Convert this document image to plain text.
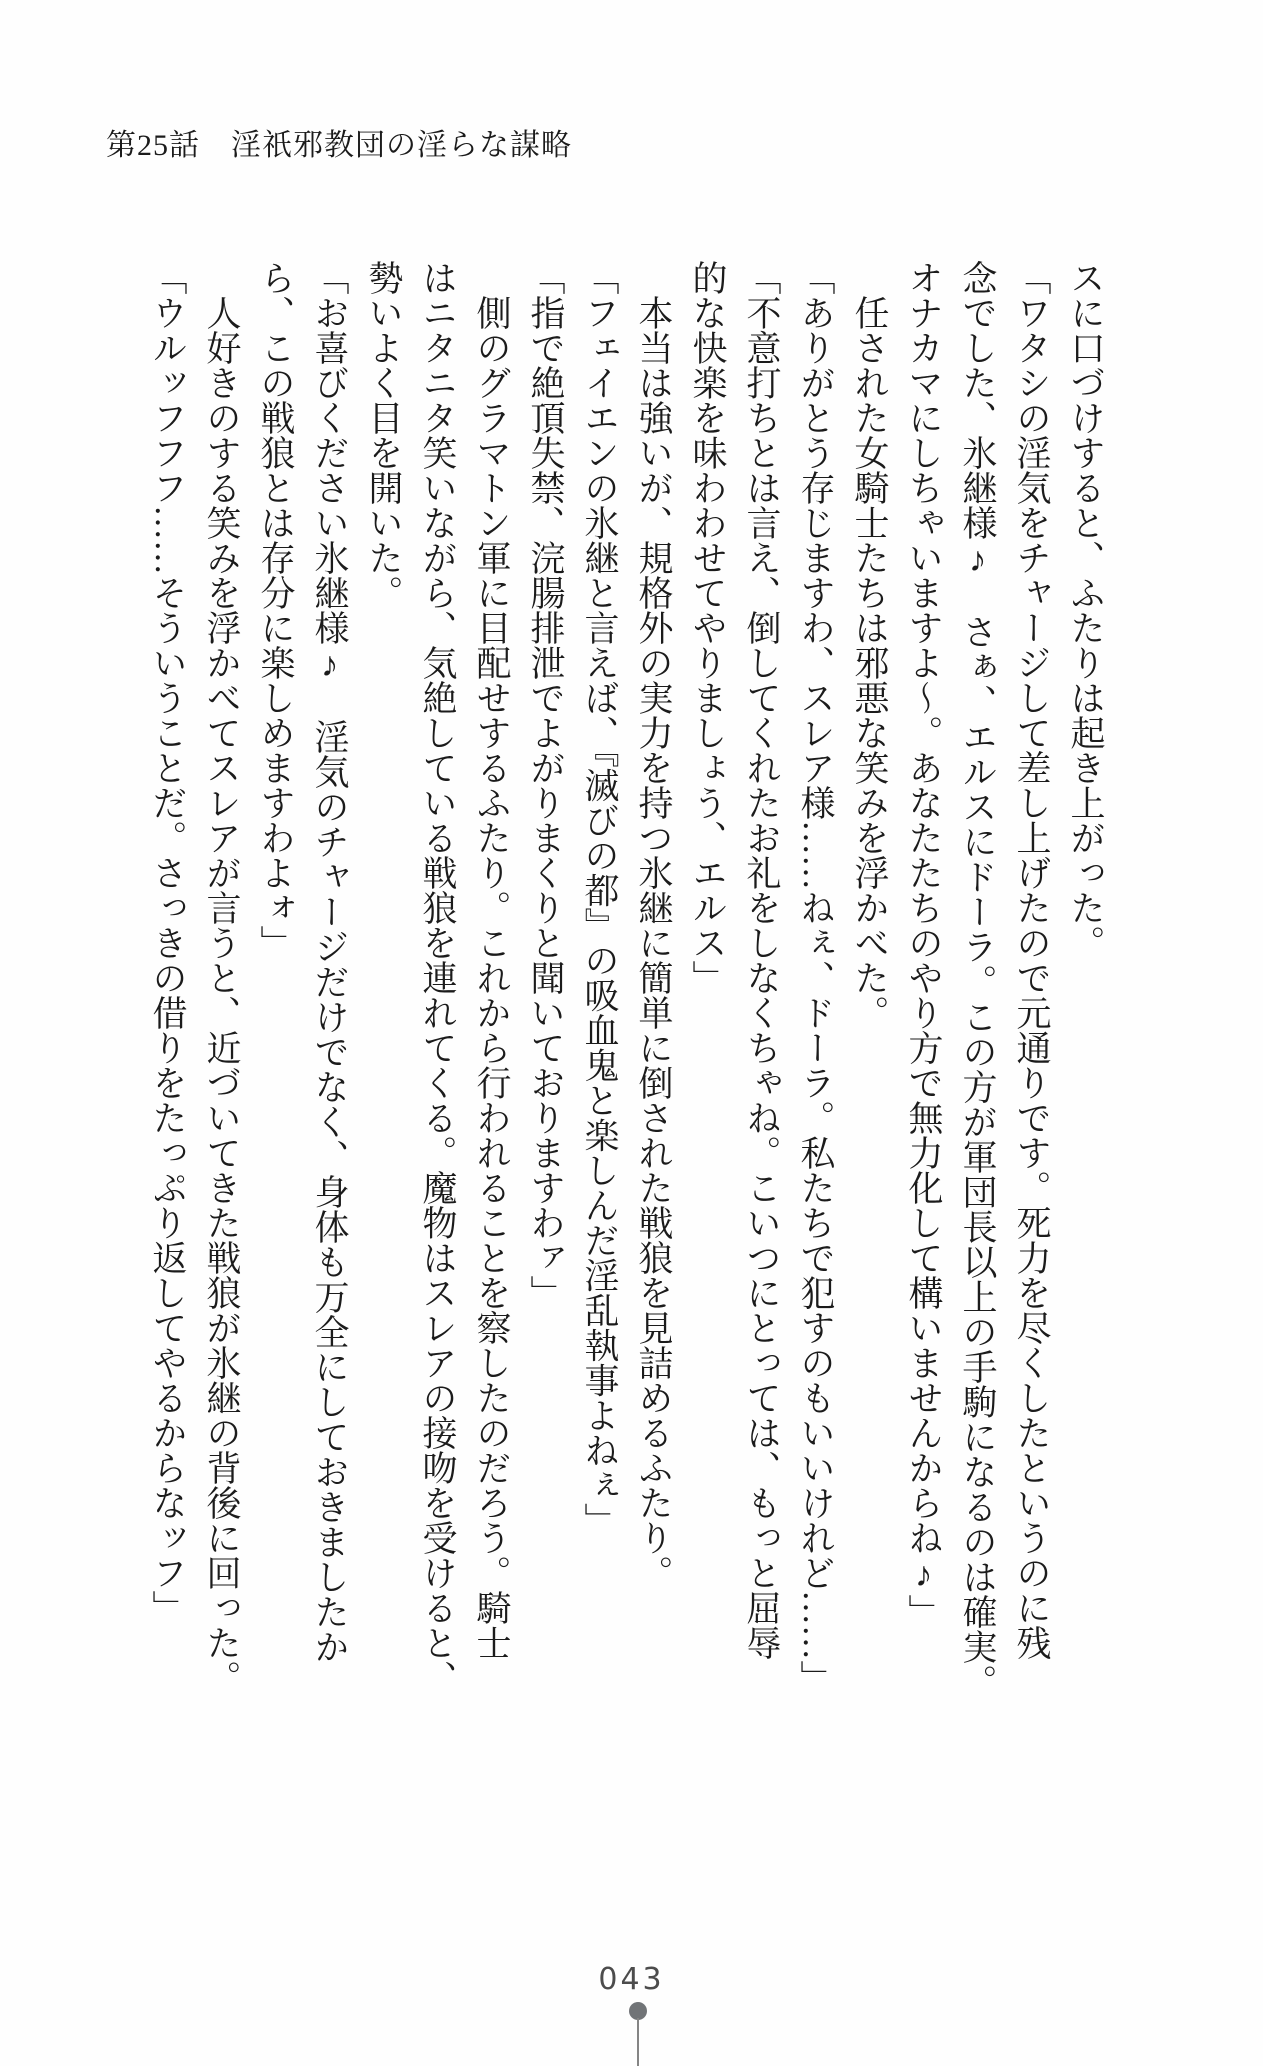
第25話　淫祇邪教団の淫らな謀略
スに口づけすると、ふたりは起き上がった。
「ワタシの淫気をチャージして差し上げたので元通りです。死力を尽くしたというのに残
念でした、氷継様♪　さぁ、エルスにドーラ。この方が軍団長以上の手駒になるのは確実。
オナカマにしちゃいますよ〜。あなたたちのやり方で無力化して構いませんからね♪」
　任された女騎士たちは邪悪な笑みを浮かべた。
「ありがとう存じますわ、スレア様……ねぇ、ドーラ。私たちで犯すのもいいけれど……」
「不意打ちとは言え、倒してくれたお礼をしなくちゃね。こいつにとっては、もっと屈辱
的な快楽を味わわせてやりましょう、エルス」
　本当は強いが、規格外の実力を持つ氷継に簡単に倒された戦狼を見詰めるふたり。
「フェイエンの氷継と言えば、『滅びの都』の吸血鬼と楽しんだ淫乱執事よねぇ」
「指で絶頂失禁、浣腸排泄でよがりまくりと聞いておりますわァ」
　側のグラマトン軍に目配せするふたり。これから行われることを察したのだろう。騎士
はニタニタ笑いながら、気絶している戦狼を連れてくる。魔物はスレアの接吻を受けると、
勢いよく目を開いた。
「お喜びください氷継様♪　淫気のチャージだけでなく、身体も万全にしておきましたか
ら、この戦狼とは存分に楽しめますわよォ」
　人好きのする笑みを浮かべてスレアが言うと、近づいてきた戦狼が氷継の背後に回った。
「ウルッフフフ……そういうことだ。さっきの借りをたっぷり返してやるからなッフ」
043
